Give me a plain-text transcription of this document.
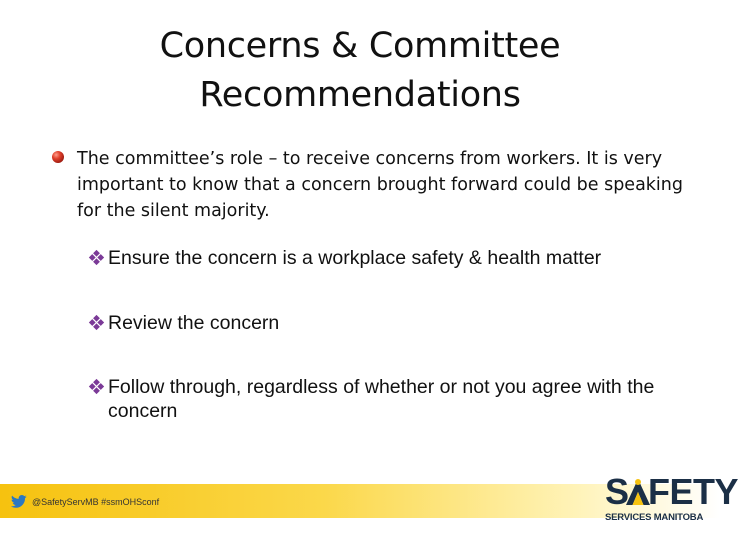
Concerns & Committee
Recommendations
The committee’s role – to receive concerns from workers. It is very important to know that a concern brought forward could be speaking for the silent majority.
Ensure the concern is a workplace safety & health matter
Review the concern
Follow through, regardless of whether or not you agree with the concern
@SafetyServMB #ssmOHSconf	S FETY
SERVICES MANITOBA
